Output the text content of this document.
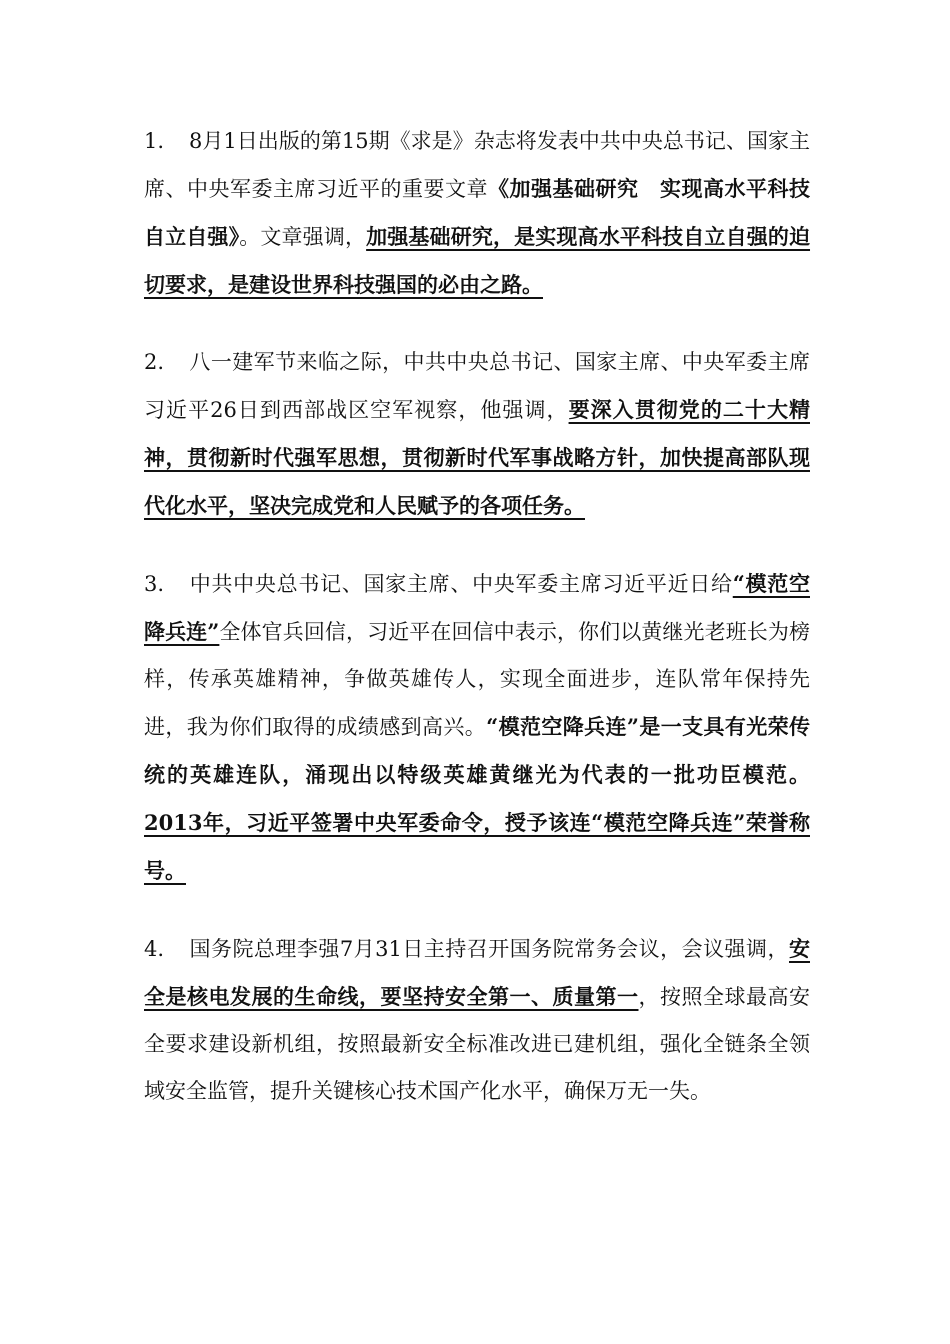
1. 8月1日出版的第15期《求是》杂志将发表中共中央总书记、国家主席、中央军委主席习近平的重要文章《加强基础研究　实现高水平科技自立自强》。文章强调，加强基础研究，是实现高水平科技自立自强的迫切要求，是建设世界科技强国的必由之路。

2. 八一建军节来临之际，中共中央总书记、国家主席、中央军委主席习近平26日到西部战区空军视察，他强调，要深入贯彻党的二十大精神，贯彻新时代强军思想，贯彻新时代军事战略方针，加快提高部队现代化水平，坚决完成党和人民赋予的各项任务。

3. 中共中央总书记、国家主席、中央军委主席习近平近日给“模范空降兵连”全体官兵回信，习近平在回信中表示，你们以黄继光老班长为榜样，传承英雄精神，争做英雄传人，实现全面进步，连队常年保持先进，我为你们取得的成绩感到高兴。“模范空降兵连”是一支具有光荣传统的英雄连队，涌现出以特级英雄黄继光为代表的一批功臣模范。2013年，习近平签署中央军委命令，授予该连“模范空降兵连”荣誉称号。

4. 国务院总理李强7月31日主持召开国务院常务会议，会议强调，安全是核电发展的生命线，要坚持安全第一、质量第一，按照全球最高安全要求建设新机组，按照最新安全标准改进已建机组，强化全链条全领域安全监管，提升关键核心技术国产化水平，确保万无一失。
